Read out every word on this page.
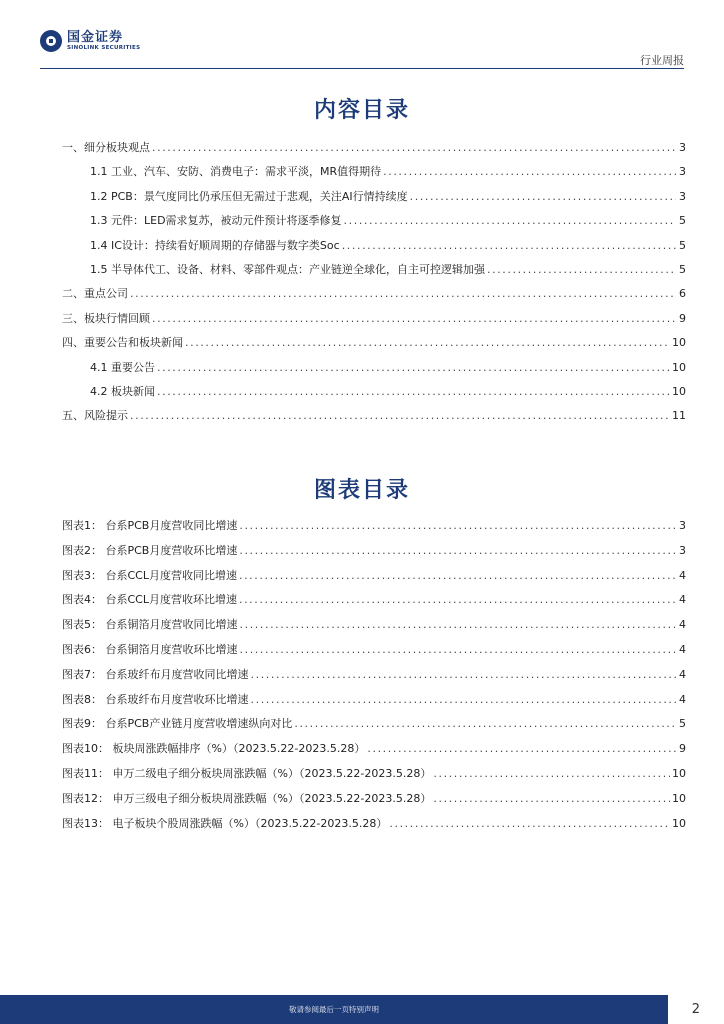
国金证券
SINOLINK SECURITIES
行业周报
内容目录
一、细分板块观点 .....	3
1.1 工业、汽车、安防、消费电子：需求平淡，MR值得期待 .....	3
1.2 PCB：景气度同比仍承压但无需过于悲观，关注AI行情持续度 .....	3
1.3 元件：LED需求复苏，被动元件预计将逐季修复 .....	5
1.4 IC设计：持续看好顺周期的存储器与数字类Soc .....	5
1.5 半导体代工、设备、材料、零部件观点：产业链逆全球化，自主可控逻辑加强 .....	5
二、重点公司 .....	6
三、板块行情回顾 .....	9
四、重要公告和板块新闻 .....	10
4.1 重要公告 .....	10
4.2 板块新闻 .....	10
五、风险提示 .....	11
图表目录
图表1： 台系PCB月度营收同比增速 .....	3
图表2： 台系PCB月度营收环比增速 .....	3
图表3： 台系CCL月度营收同比增速 .....	4
图表4： 台系CCL月度营收环比增速 .....	4
图表5： 台系铜箔月度营收同比增速 .....	4
图表6： 台系铜箔月度营收环比增速 .....	4
图表7： 台系玻纤布月度营收同比增速 .....	4
图表8： 台系玻纤布月度营收环比增速 .....	4
图表9： 台系PCB产业链月度营收增速纵向对比 .....	5
图表10： 板块周涨跌幅排序（%）（2023.5.22-2023.5.28） .....	9
图表11： 申万二级电子细分板块周涨跌幅（%）（2023.5.22-2023.5.28） .....	10
图表12： 申万三级电子细分板块周涨跌幅（%）（2023.5.22-2023.5.28） .....	10
图表13： 电子板块个股周涨跌幅（%）（2023.5.22-2023.5.28） .....	10
敬请参阅最后一页特别声明	2
